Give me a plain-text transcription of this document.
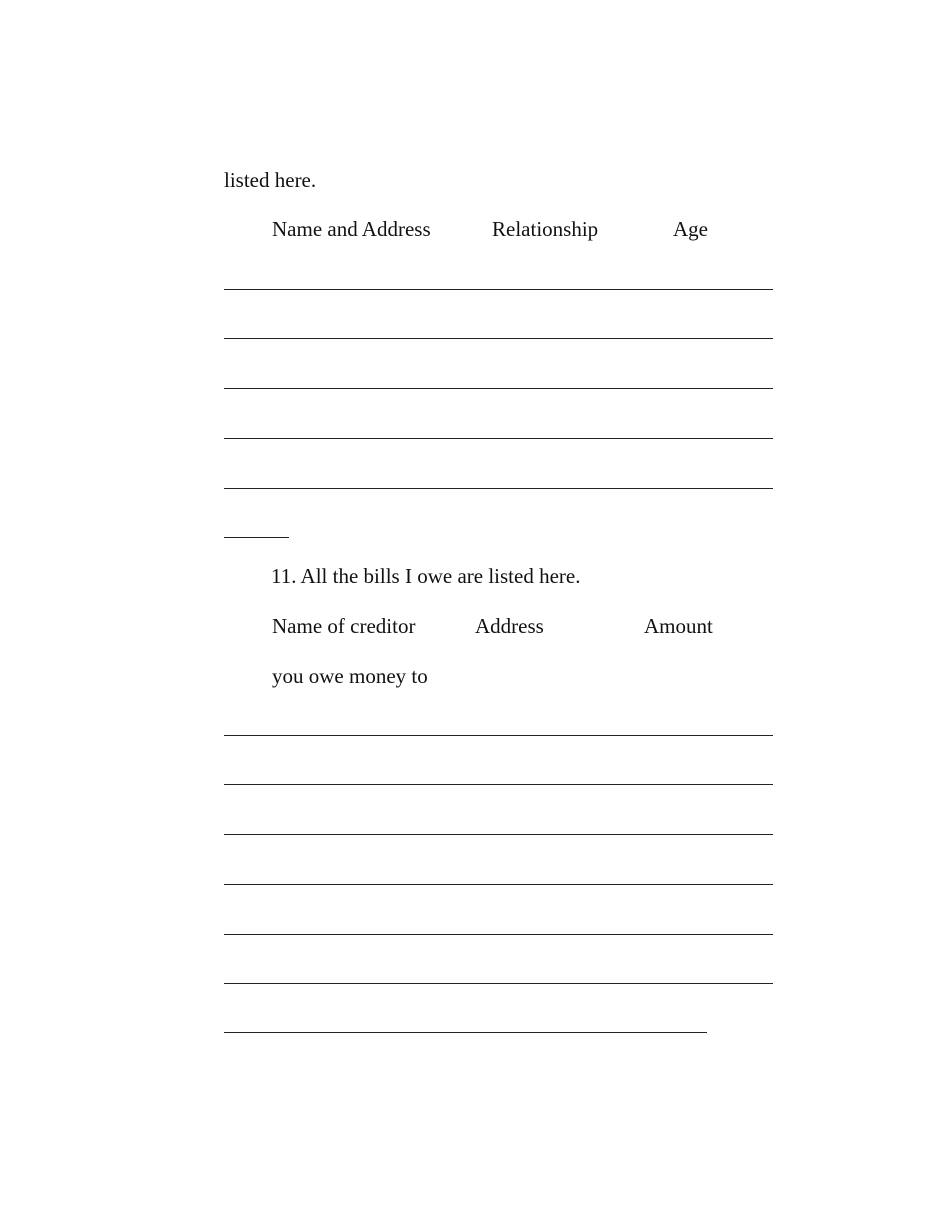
listed here.
Name and Address	Relationship	Age
11. All the bills I owe are listed here.
Name of creditor	Address	Amount
you owe money to
